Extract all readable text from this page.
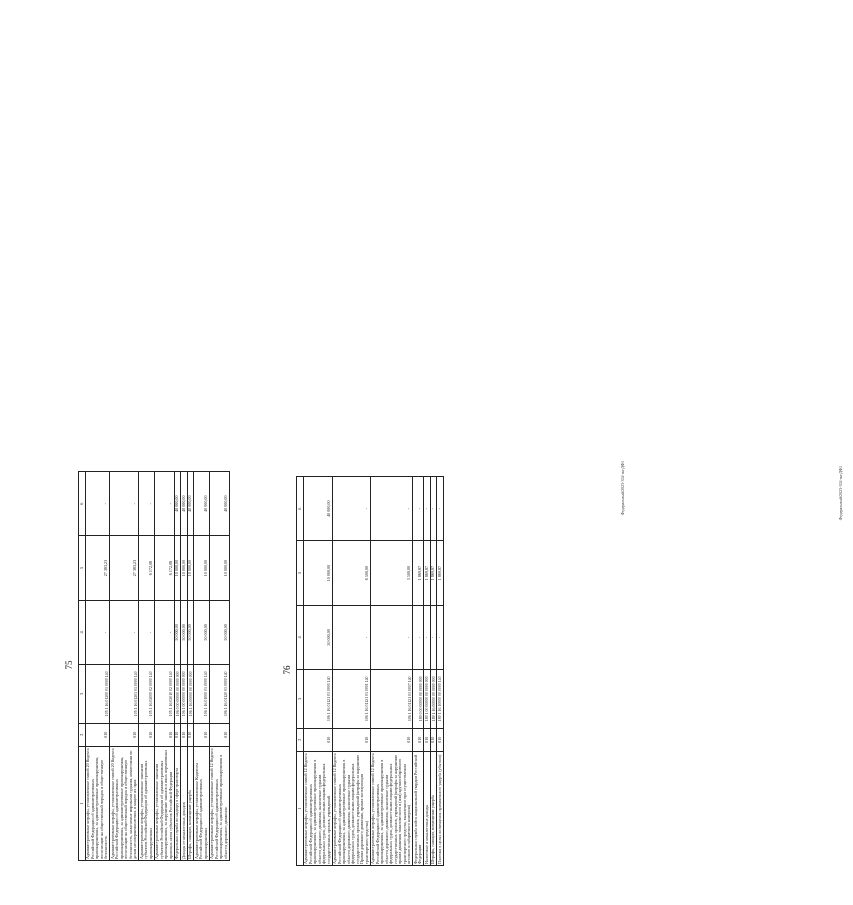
75
1	2	3	4	5	6
Административные штрафы, установленные главой 20 Кодекса Российской Федерации об административных правонарушениях, за административные правонарушения, посягающие на общественный порядок и общественную безопасность	010	105 1 16 01200 01 0000 140	-	27 383,23	-
Административные штрафы, установленные главой 20 Кодекса Российской Федерации об административных правонарушениях, за административные правонарушения, посягающие на общественный порядок и общественную безопасность, налагаемые мировыми судьями, комиссиями по делам несовершеннолетних и защите их прав	010	105 1 16 01203 01 0000 140	-	27 383,23	-
Административные штрафы, установленные законами субъектов Российской Федерации об административных правонарушениях	010	105 1 16 02000 02 0000 140	-	6 172,08	-
Административные штрафы, установленные законами субъектов Российской Федерации об административных правонарушениях, за нарушение законов и иных нормативных правовых актов субъектов Российской Федерации	010	105 1 16 02010 02 0000 140	-	6 172,08	-
Федеральная служба по надзору в сфере транспорта	010	106 0 00 00000 00 0000 000	50 000,00	10 000,00	40 000,00
Доходы от неналоговых доходов	010	106 1 00 00000 00 0000 000	50 000,00	10 000,00	40 000,00
Штрафы, санкции, возмещение ущерба	010	106 1 16 00000 00 0000 000	50 000,00	10 000,00	40 000,00
Административные штрафы, установленные Кодексом Российской Федерации об административных правонарушениях	010	106 1 16 01000 01 0000 140	50 000,00	10 000,00	40 000,00
Административные штрафы, установленные главой 12 Кодекса Российской Федерации об административных правонарушениях, за административные правонарушения в области дорожного движения	010	106 1 16 01120 01 0000 140	50 000,00	10 000,00	40 000,00	Федеральный/2023-352-на-ДФ1
76
1	2	3	4	5	6
Административные штрафы, установленные главой 12 Кодекса Российской Федерации об административных правонарушениях, за административные правонарушения в области дорожного движения, налагаемые судьями федеральных судов, должностными лицами федеральных государственных органов, учреждений	010	106 1 16 01121 01 0000 140	50 000,00	10 000,00	40 000,00
Административные штрафы, установленные главой 12 Кодекса Российской Федерации об административных правонарушениях, за административные правонарушения в области дорожного движения, налагаемые судьями федеральных судов, должностными лицами федеральных государственных органов, учреждений (штрафы за нарушение Правил дорожного движения, правил эксплуатации транспортного средства)	010	106 1 16 01121 01 0001 140	-	6 500,00	-
Административные штрафы, установленные главой 12 Кодекса Российской Федерации об административных правонарушениях, за административные правонарушения в области дорожного движения, налагаемые судьями федеральных судов, должностными лицами федеральных государственных органов, учреждений (штрафы за нарушение правил движения тяжеловесного и (или) крупногабаритного транспортного средства, выявленное при осуществлении весового и габаритного контроля)	010	106 1 16 01121 01 0007 140	-	3 500,00	-
Федеральная служба войск национальной гвардии Российской Федерации	010	180 0 00 00000 00 0000 000	-	1 869,87	-
Налоговые и неналоговые доходы	010	180 1 00 00000 00 0000 000	-	1 869,87	-
Штрафы, санкции, возмещение ущерба	010	180 1 16 00000 00 0000 000	-	1 869,87	-
Платежи в целях возмещения причиненного ущерба (убытков)	010	180 1 16 10000 00 0000 140	-	1 869,87	-	Федеральный/2023-352-на-ДФ1
